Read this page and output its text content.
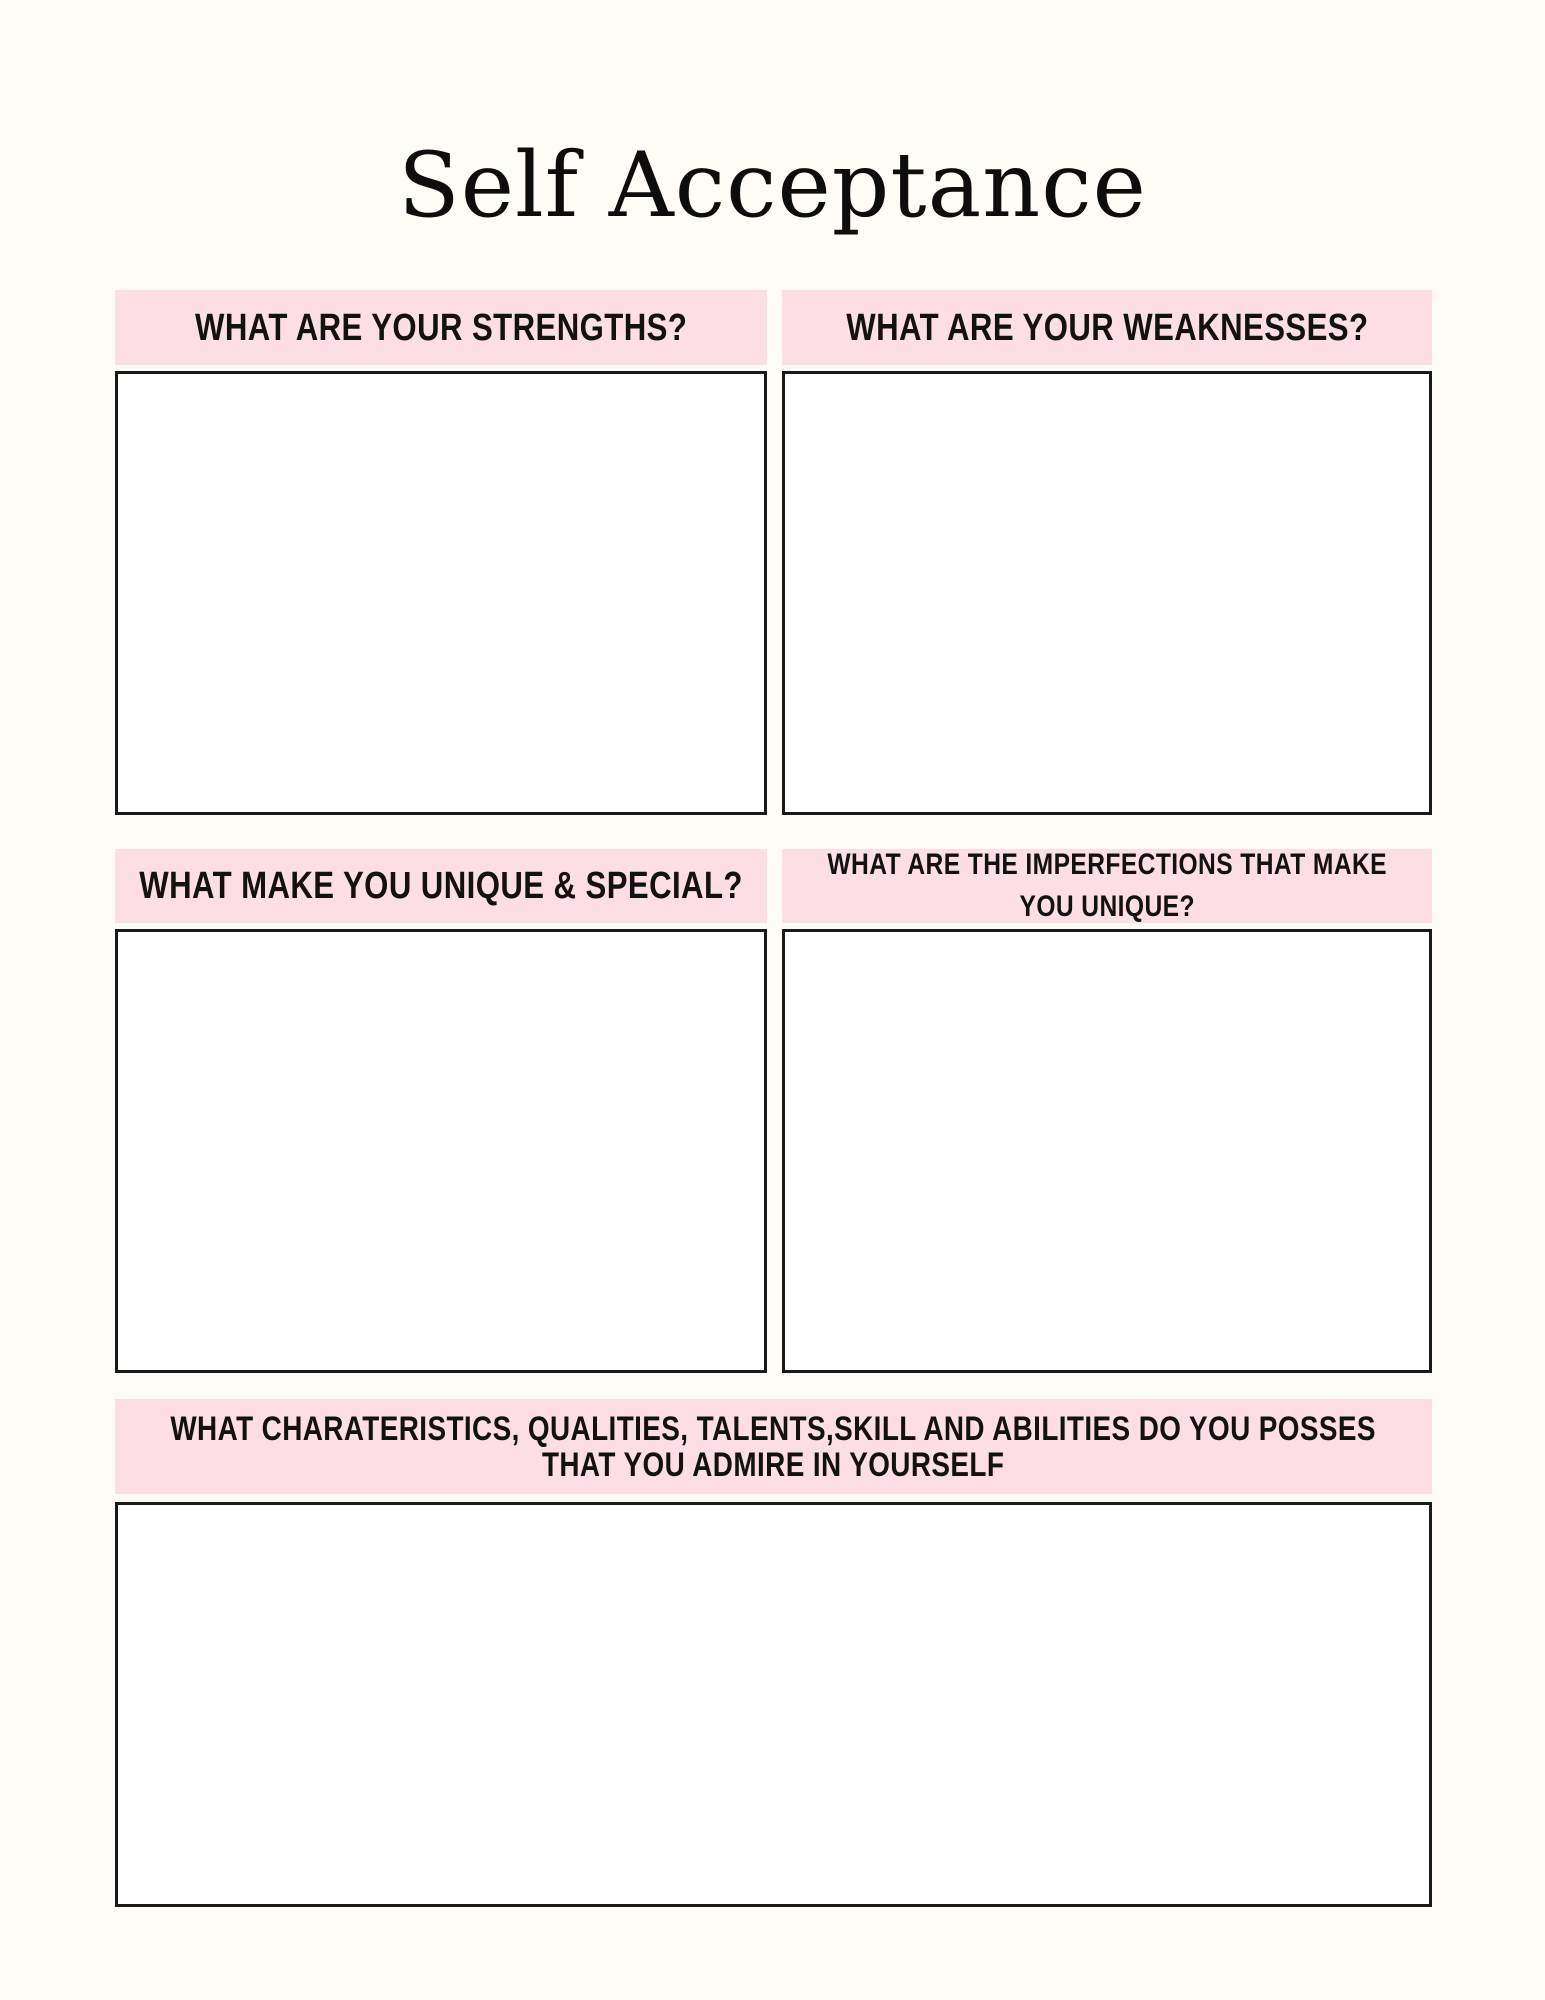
Self Acceptance
WHAT ARE YOUR STRENGTHS?	WHAT ARE YOUR WEAKNESSES?
WHAT MAKE YOU UNIQUE & SPECIAL?
WHAT ARE THE IMPERFECTIONS THAT MAKE
YOU UNIQUE?
WHAT CHARATERISTICS, QUALITIES, TALENTS,SKILL AND ABILITIES DO YOU POSSES
THAT YOU ADMIRE IN YOURSELF
